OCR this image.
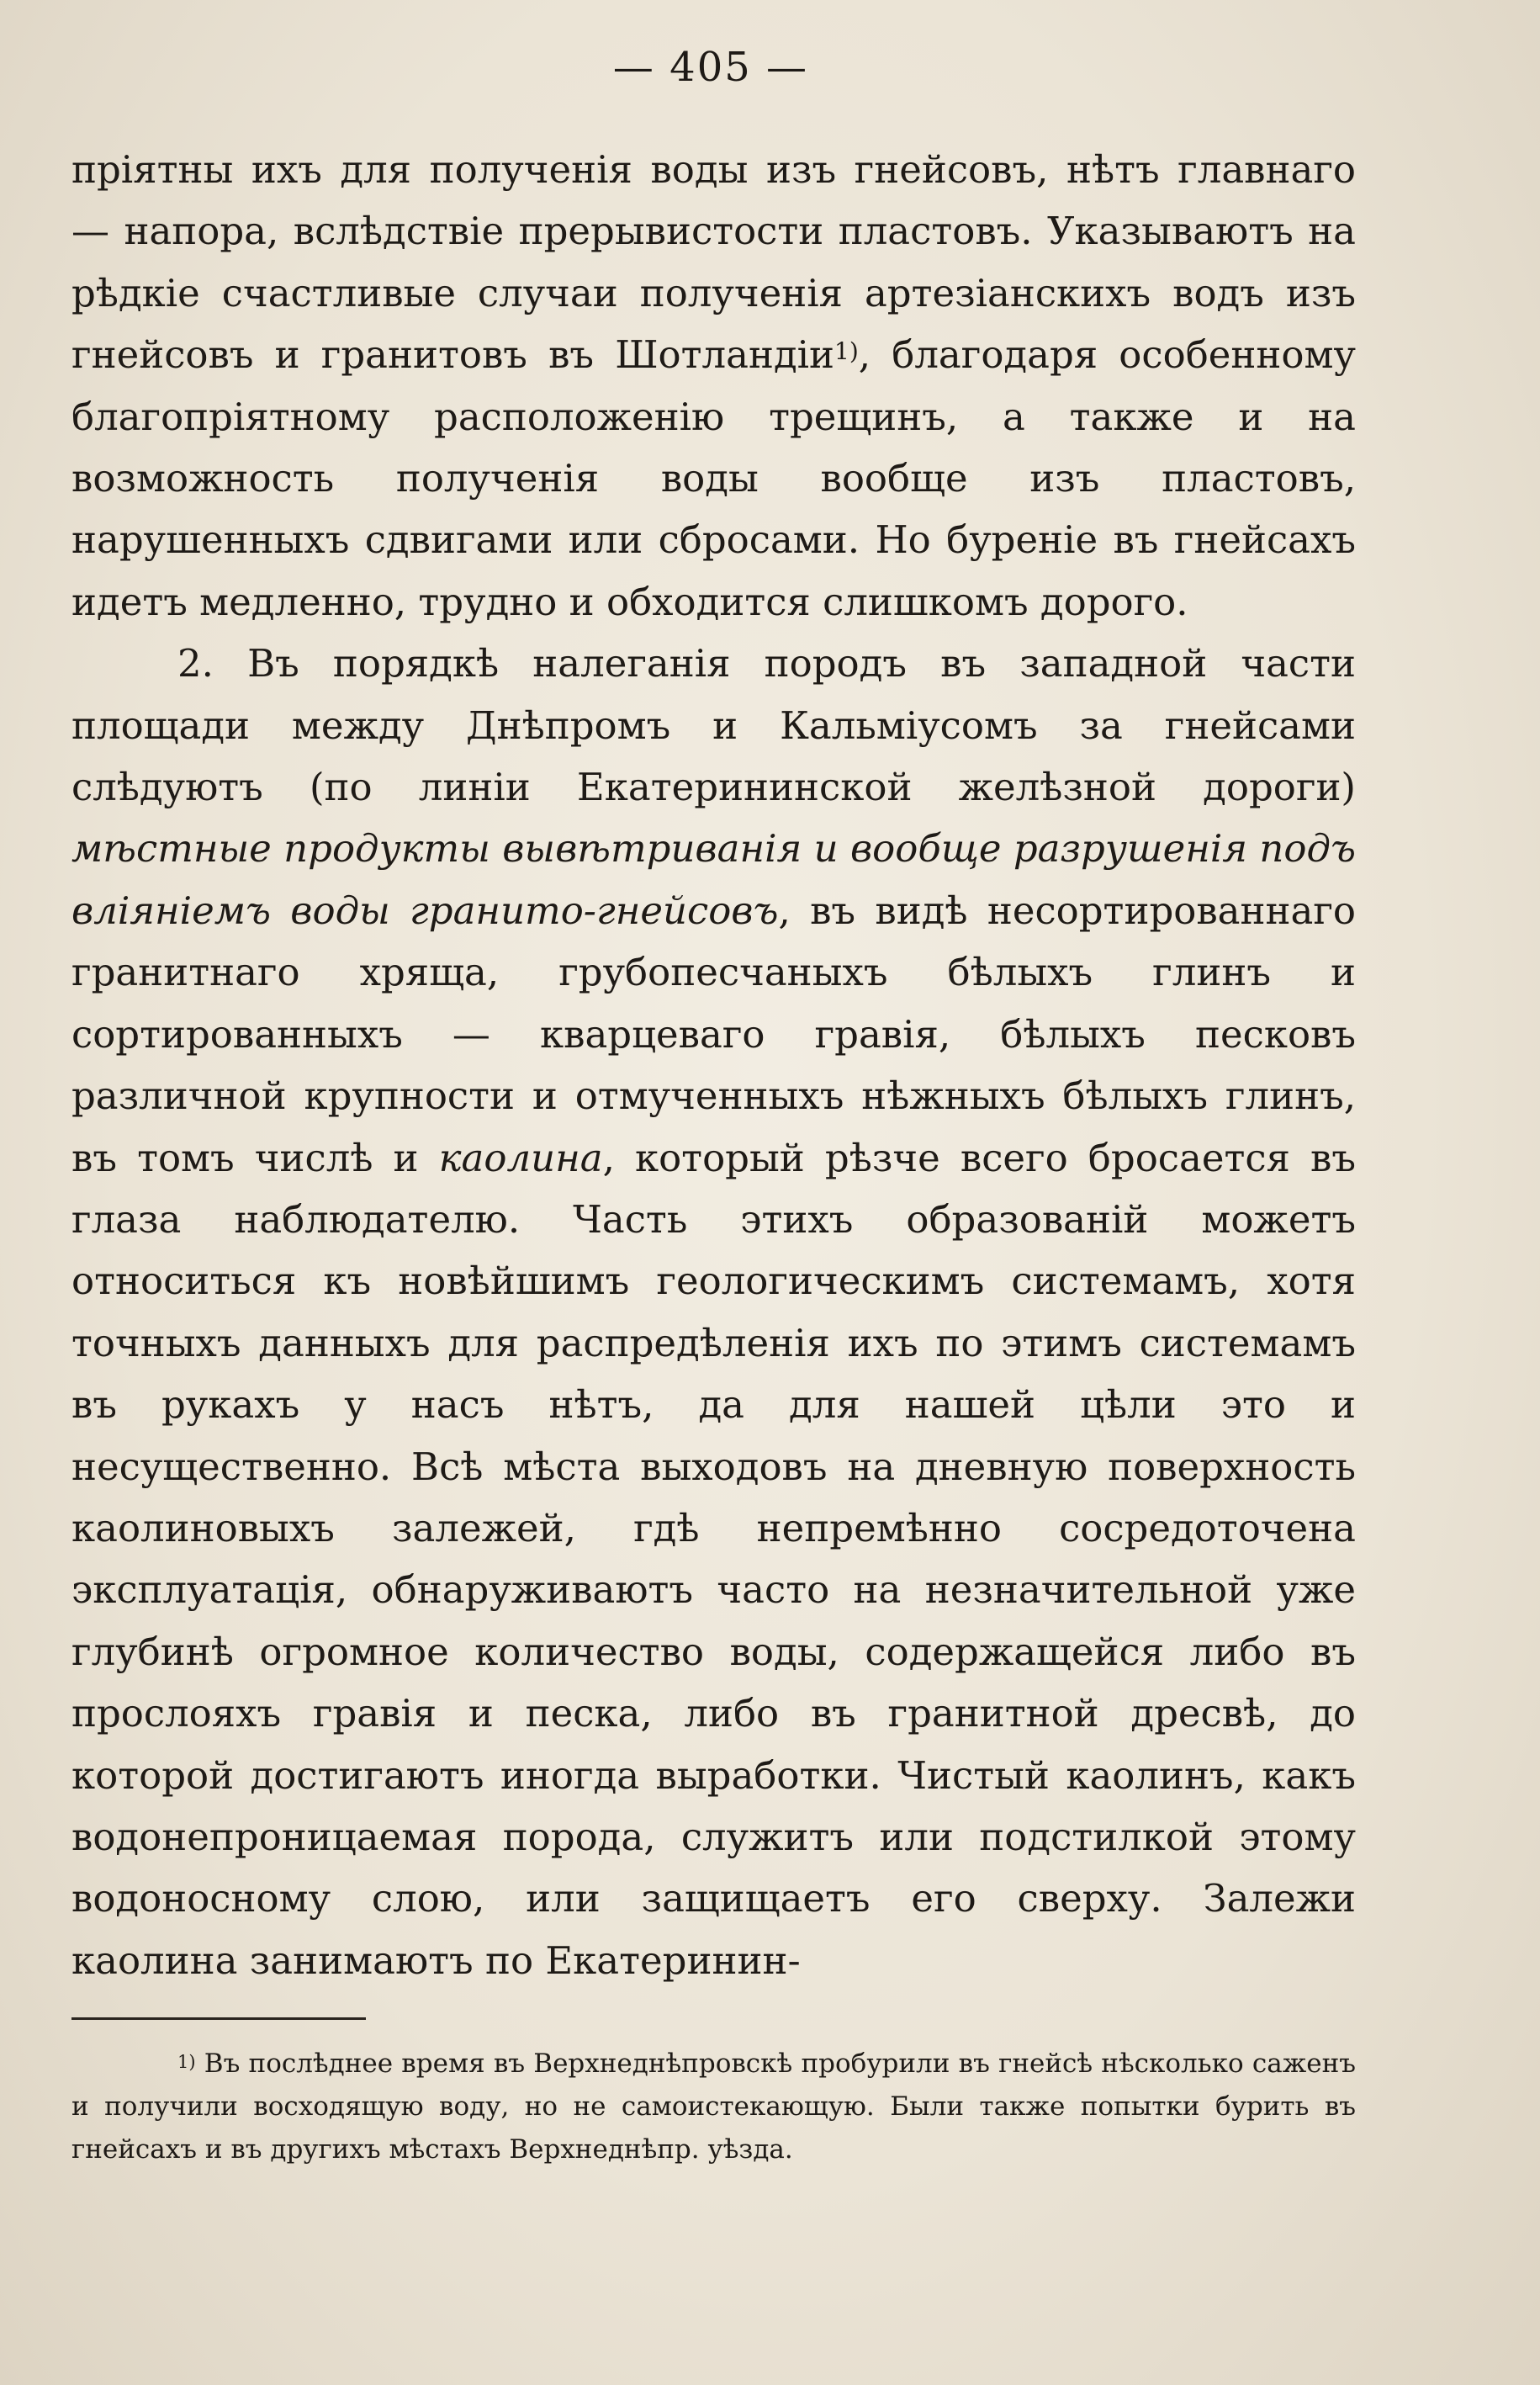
— 405 —

пріятны ихъ для полученія воды изъ гнейсовъ, нѣтъ главнаго — напора, вслѣдствіе прерывистости пластовъ. Указываютъ на рѣдкіе счастливые случаи полученія артезіанскихъ водъ изъ гнейсовъ и гранитовъ въ Шотландіи$^{1)}$, благодаря особенному благопріятному расположенію трещинъ, а также и на возможность полученія воды вообще изъ пластовъ, нарушенныхъ сдвигами или сбросами. Но буреніе въ гнейсахъ идетъ медленно, трудно и обходится слишкомъ дорого.

2. Въ порядкѣ налеганія породъ въ западной части площади между Днѣпромъ и Кальміусомъ за гнейсами слѣдуютъ (по линіи Екатерининской желѣзной дороги) мѣстные продукты вывѣтриванія и вообще разрушенія подъ вліяніемъ воды гранито-гнейсовъ, въ видѣ несортированнаго гранитнаго хряща, грубопесчаныхъ бѣлыхъ глинъ и сортированныхъ — кварцеваго гравія, бѣлыхъ песковъ различной крупности и отмученныхъ нѣжныхъ бѣлыхъ глинъ, въ томъ числѣ и каолина, который рѣзче всего бросается въ глаза наблюдателю. Часть этихъ образованій можетъ относиться къ новѣйшимъ геологическимъ системамъ, хотя точныхъ данныхъ для распредѣленія ихъ по этимъ системамъ въ рукахъ у насъ нѣтъ, да для нашей цѣли это и несущественно. Всѣ мѣста выходовъ на дневную поверхность каолиновыхъ залежей, гдѣ непремѣнно сосредоточена эксплуатація, обнаруживаютъ часто на незначительной уже глубинѣ огромное количество воды, содержащейся либо въ прослояхъ гравія и песка, либо въ гранитной дресвѣ, до которой достигаютъ иногда выработки. Чистый каолинъ, какъ водонепроницаемая порода, служитъ или подстилкой этому водоносному слою, или защищаетъ его сверху. Залежи каолина занимаютъ по Екатеринин-

$^{1)}$ Въ послѣднее время въ Верхнеднѣпровскѣ пробурили въ гнейсѣ нѣсколько саженъ и получили восходящую воду, но не самоистекающую. Были также попытки бурить въ гнейсахъ и въ другихъ мѣстахъ Верхнеднѣпр. уѣзда.
